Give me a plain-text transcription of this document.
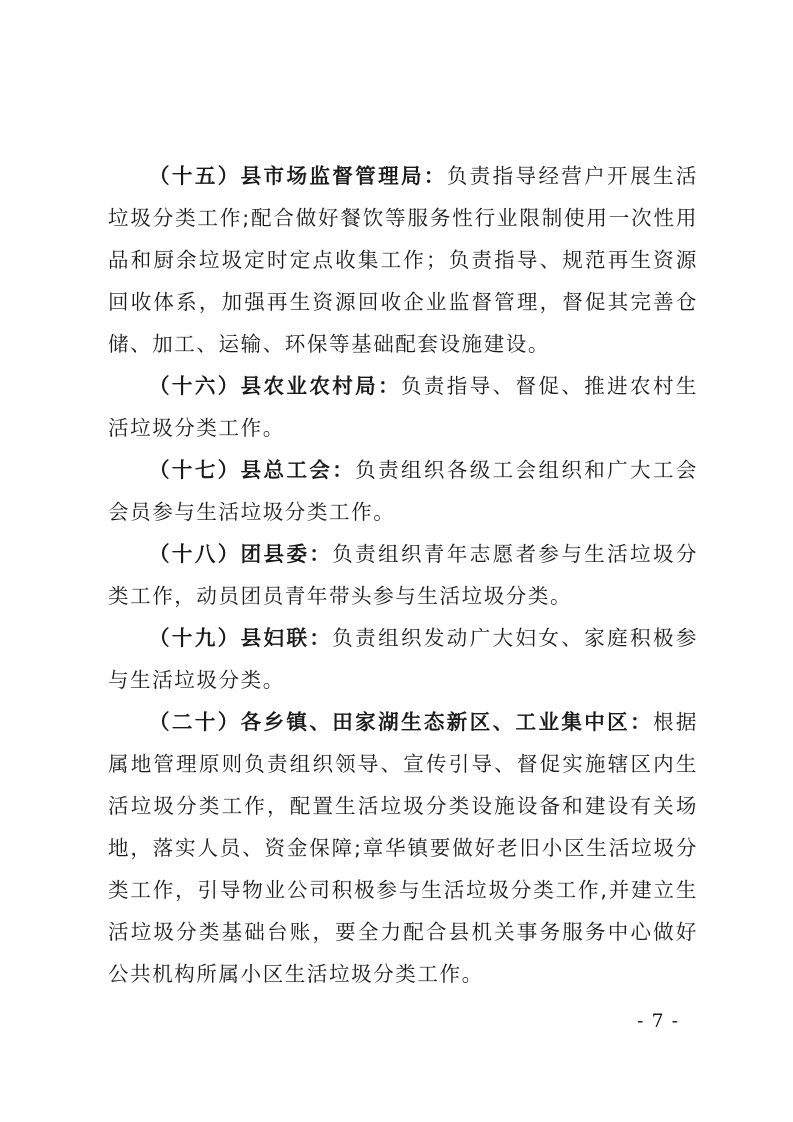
（十五）县市场监督管理局：负责指导经营户开展生活垃圾分类工作;配合做好餐饮等服务性行业限制使用一次性用品和厨余垃圾定时定点收集工作；负责指导、规范再生资源回收体系，加强再生资源回收企业监督管理，督促其完善仓储、加工、运输、环保等基础配套设施建设。

（十六）县农业农村局：负责指导、督促、推进农村生活垃圾分类工作。

（十七）县总工会：负责组织各级工会组织和广大工会会员参与生活垃圾分类工作。

（十八）团县委：负责组织青年志愿者参与生活垃圾分类工作，动员团员青年带头参与生活垃圾分类。

（十九）县妇联：负责组织发动广大妇女、家庭积极参与生活垃圾分类。

（二十）各乡镇、田家湖生态新区、工业集中区：根据属地管理原则负责组织领导、宣传引导、督促实施辖区内生活垃圾分类工作，配置生活垃圾分类设施设备和建设有关场地，落实人员、资金保障;章华镇要做好老旧小区生活垃圾分类工作，引导物业公司积极参与生活垃圾分类工作,并建立生活垃圾分类基础台账，要全力配合县机关事务服务中心做好公共机构所属小区生活垃圾分类工作。

- 7 -
